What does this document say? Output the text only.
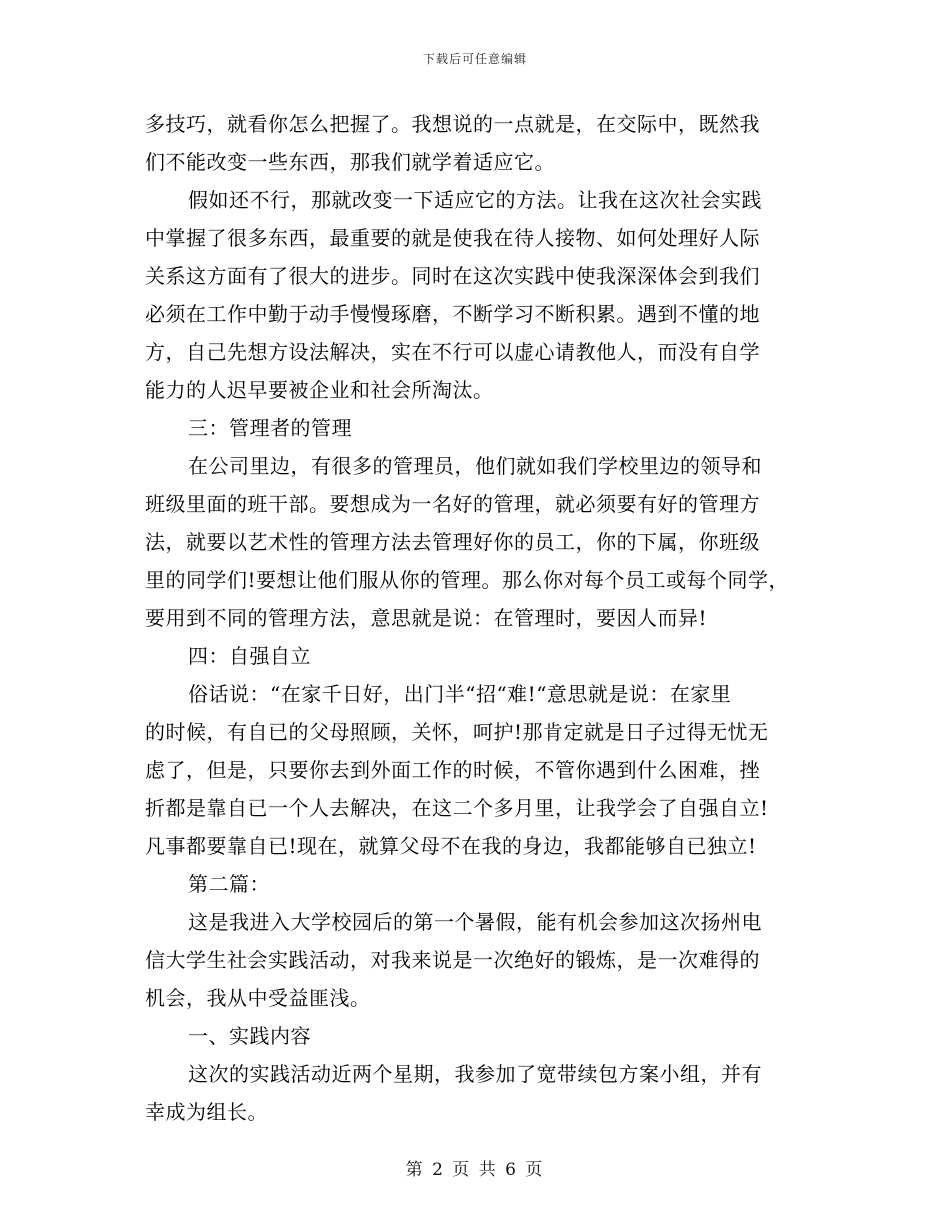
下载后可任意编辑
多技巧，就看你怎么把握了。我想说的一点就是，在交际中，既然我
们不能改变一些东西，那我们就学着适应它。
假如还不行，那就改变一下适应它的方法。让我在这次社会实践
中掌握了很多东西，最重要的就是使我在待人接物、如何处理好人际
关系这方面有了很大的进步。同时在这次实践中使我深深体会到我们
必须在工作中勤于动手慢慢琢磨，不断学习不断积累。遇到不懂的地
方，自己先想方设法解决，实在不行可以虚心请教他人，而没有自学
能力的人迟早要被企业和社会所淘汰。
三：管理者的管理
在公司里边，有很多的管理员，他们就如我们学校里边的领导和
班级里面的班干部。要想成为一名好的管理，就必须要有好的管理方
法，就要以艺术性的管理方法去管理好你的员工，你的下属，你班级
里的同学们!要想让他们服从你的管理。那么你对每个员工或每个同学，
要用到不同的管理方法，意思就是说：在管理时，要因人而异!
四：自强自立
俗话说：“在家千日好，出门半“招“难!“意思就是说：在家里
的时候，有自已的父母照顾，关怀，呵护!那肯定就是日子过得无忧无
虑了，但是，只要你去到外面工作的时候，不管你遇到什么困难，挫
折都是靠自已一个人去解决，在这二个多月里，让我学会了自强自立!
凡事都要靠自已!现在，就算父母不在我的身边，我都能够自已独立!
第二篇：
这是我进入大学校园后的第一个暑假，能有机会参加这次扬州电
信大学生社会实践活动，对我来说是一次绝好的锻炼，是一次难得的
机会，我从中受益匪浅。
一、实践内容
这次的实践活动近两个星期，我参加了宽带续包方案小组，并有
幸成为组长。
第 2 页 共 6 页
